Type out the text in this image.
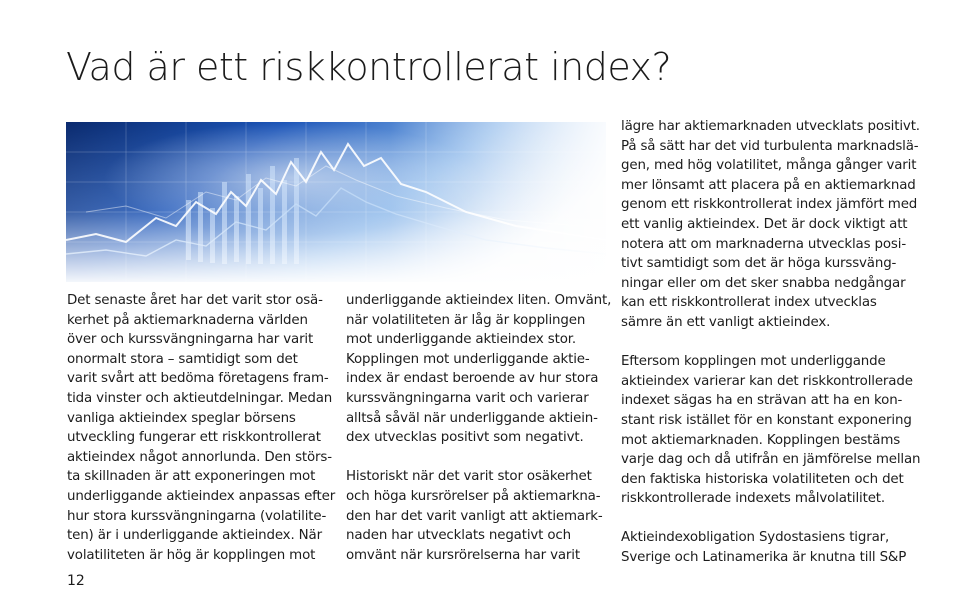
Vad är ett riskkontrollerat index?

Det senaste året har det varit stor osä-
kerhet på aktiemarknaderna världen
över och kurssvängningarna har varit
onormalt stora – samtidigt som det
varit svårt att bedöma företagens fram-
tida vinster och aktieutdelningar. Medan
vanliga aktieindex speglar börsens
utveckling fungerar ett riskkontrollerat
aktieindex något annorlunda. Den störs-
ta skillnaden är att exponeringen mot
underliggande aktieindex anpassas efter
hur stora kurssvängningarna (volatilite-
ten) är i underliggande aktieindex. När
volatiliteten är hög är kopplingen mot

underliggande aktieindex liten. Omvänt,
när volatiliteten är låg är kopplingen
mot underliggande aktieindex stor.
Kopplingen mot underliggande aktie-
index är endast beroende av hur stora
kurssvängningarna varit och varierar
alltså såväl när underliggande aktiein-
dex utvecklas positivt som negativt.

Historiskt när det varit stor osäkerhet
och höga kursrörelser på aktiemarkna-
den har det varit vanligt att aktiemark-
naden har utvecklats negativt och
omvänt när kursrörelserna har varit

lägre har aktiemarknaden utvecklats positivt.
På så sätt har det vid turbulenta marknadslä-
gen, med hög volatilitet, många gånger varit
mer lönsamt att placera på en aktiemarknad
genom ett riskkontrollerat index jämfört med
ett vanlig aktieindex. Det är dock viktigt att
notera att om marknaderna utvecklas posi-
tivt samtidigt som det är höga kurssväng-
ningar eller om det sker snabba nedgångar
kan ett riskkontrollerat index utvecklas
sämre än ett vanligt aktieindex.

Eftersom kopplingen mot underliggande
aktieindex varierar kan det riskkontrollerade
indexet sägas ha en strävan att ha en kon-
stant risk istället för en konstant exponering
mot aktiemarknaden. Kopplingen bestäms
varje dag och då utifrån en jämförelse mellan
den faktiska historiska volatiliteten och det
riskkontrollerade indexets målvolatilitet.

Aktieindexobligation Sydostasiens tigrar,
Sverige och Latinamerika är knutna till S&P

12
